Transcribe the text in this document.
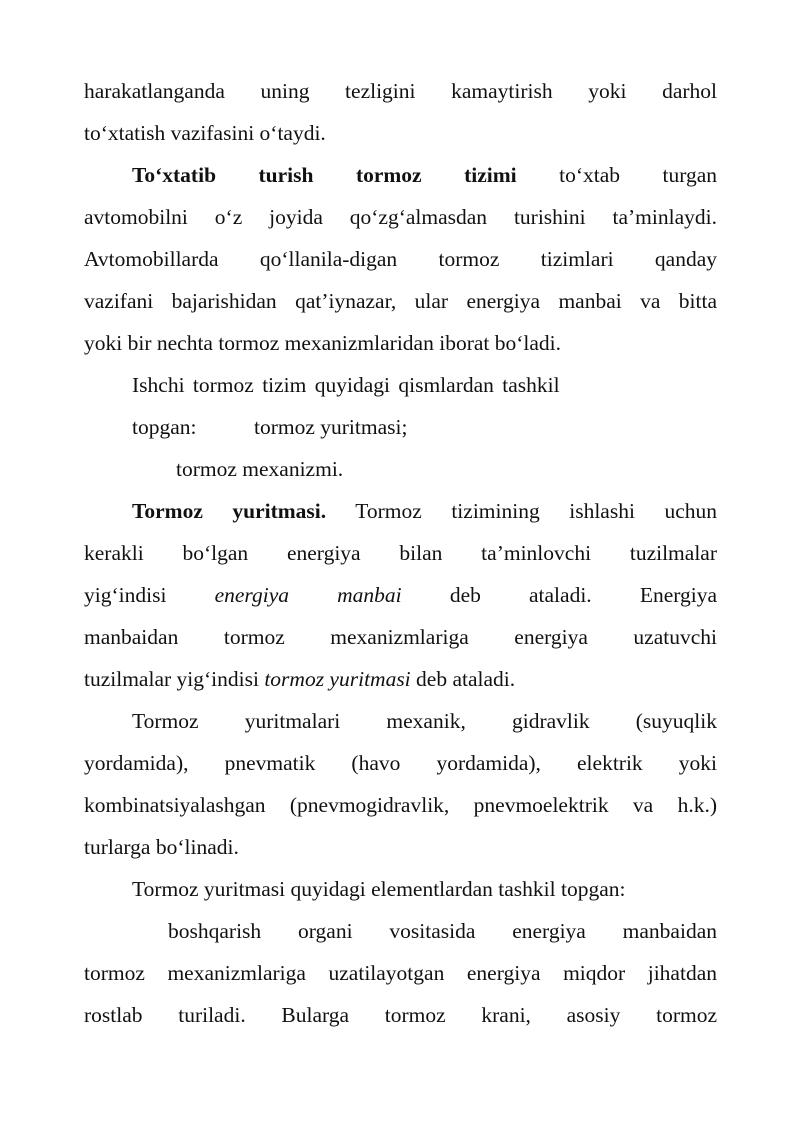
harakatlanganda uning tezligini kamaytirish yoki darhol
to‘xtatish vazifasini o‘taydi.
To‘xtatib turish tormoz tizimi to‘xtab turgan
avtomobilni o‘z joyida qo‘zg‘almasdan turishini ta’minlaydi.
Avtomobillarda qo‘llanila-digan tormoz tizimlari qanday
vazifani bajarishidan qat’iynazar, ular energiya manbai va bitta
yoki bir nechta tormoz mexanizmlaridan iborat bo‘ladi.
Ishchi tormoz tizim quyidagi qismlardan tashkil
topgan:	tormoz yuritmasi;
tormoz mexanizmi.
Tormoz yuritmasi. Tormoz tizimining ishlashi uchun
kerakli bo‘lgan energiya bilan ta’minlovchi tuzilmalar
yig‘indisi energiya manbai deb ataladi. Energiya
manbaidan tormoz mexanizmlariga energiya uzatuvchi
tuzilmalar yig‘indisi tormoz yuritmasi deb ataladi.
Tormoz yuritmalari mexanik, gidravlik (suyuqlik
yordamida), pnevmatik (havo yordamida), elektrik yoki
kombinatsiyalashgan (pnevmogidravlik, pnevmoelektrik va h.k.)
turlarga bo‘linadi.
Tormoz yuritmasi quyidagi elementlardan tashkil topgan:
boshqarish organi vositasida energiya manbaidan
tormoz mexanizmlariga uzatilayotgan energiya miqdor jihatdan
rostlab turiladi. Bularga tormoz krani, asosiy tormoz
